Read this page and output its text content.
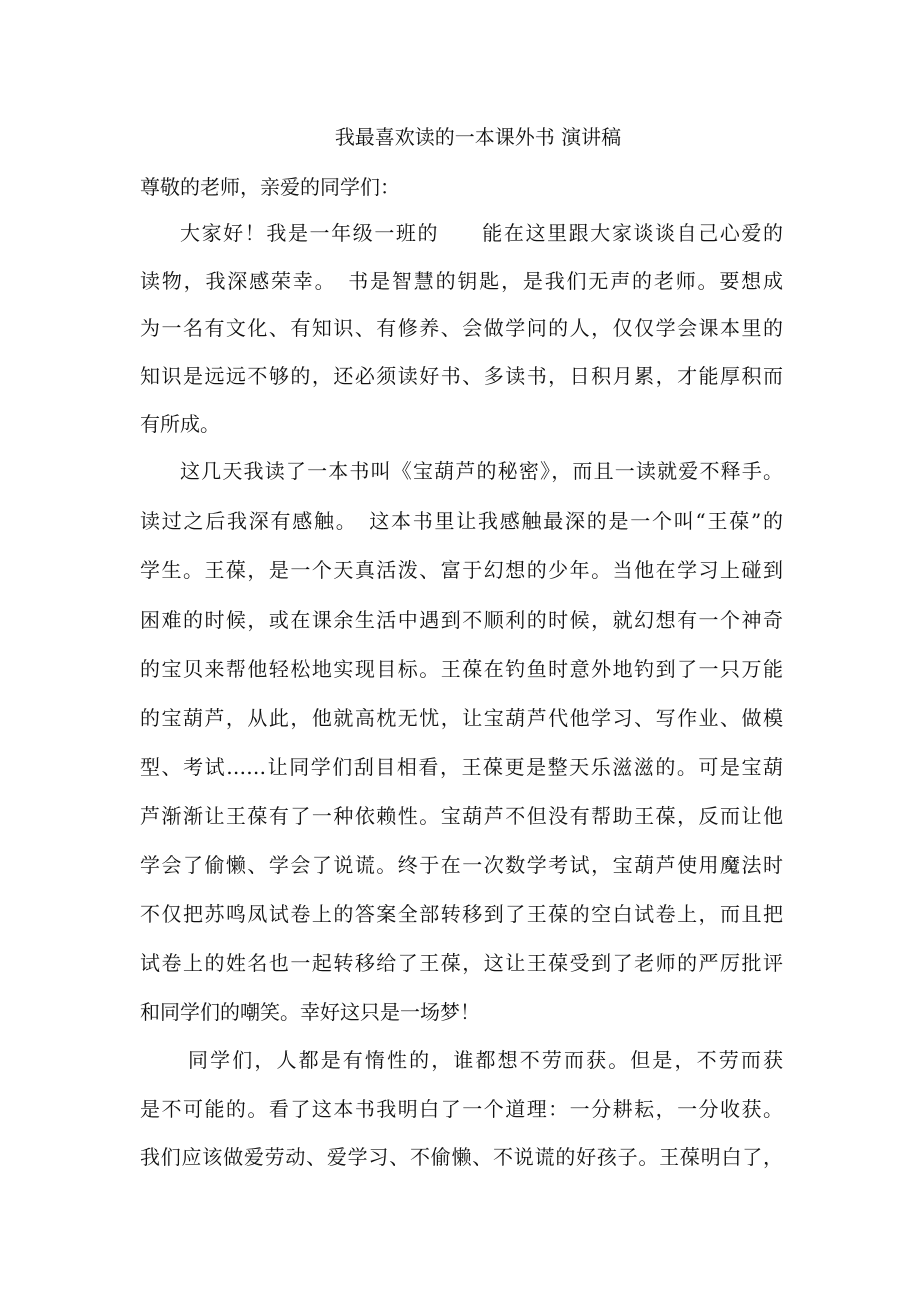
我最喜欢读的一本课外书 演讲稿
尊敬的老师，亲爱的同学们：
大家好！我是一年级一班的　　能在这里跟大家谈谈自己心爱的
读物，我深感荣幸。　书是智慧的钥匙，是我们无声的老师。要想成
为一名有文化、有知识、有修养、会做学问的人，仅仅学会课本里的
知识是远远不够的，还必须读好书、多读书，日积月累，才能厚积而
有所成。
这几天我读了一本书叫《宝葫芦的秘密》，而且一读就爱不释手。
读过之后我深有感触。　这本书里让我感触最深的是一个叫“王葆”的
学生。王葆，是一个天真活泼、富于幻想的少年。当他在学习上碰到
困难的时候，或在课余生活中遇到不顺利的时候，就幻想有一个神奇
的宝贝来帮他轻松地实现目标。王葆在钓鱼时意外地钓到了一只万能
的宝葫芦，从此，他就高枕无忧，让宝葫芦代他学习、写作业、做模
型、考试……让同学们刮目相看，王葆更是整天乐滋滋的。可是宝葫
芦渐渐让王葆有了一种依赖性。宝葫芦不但没有帮助王葆，反而让他
学会了偷懒、学会了说谎。终于在一次数学考试，宝葫芦使用魔法时
不仅把苏鸣凤试卷上的答案全部转移到了王葆的空白试卷上，而且把
试卷上的姓名也一起转移给了王葆，这让王葆受到了老师的严厉批评
和同学们的嘲笑。幸好这只是一场梦！
同学们，人都是有惰性的，谁都想不劳而获。但是，不劳而获
是不可能的。看了这本书我明白了一个道理：一分耕耘，一分收获。
我们应该做爱劳动、爱学习、不偷懒、不说谎的好孩子。王葆明白了，
